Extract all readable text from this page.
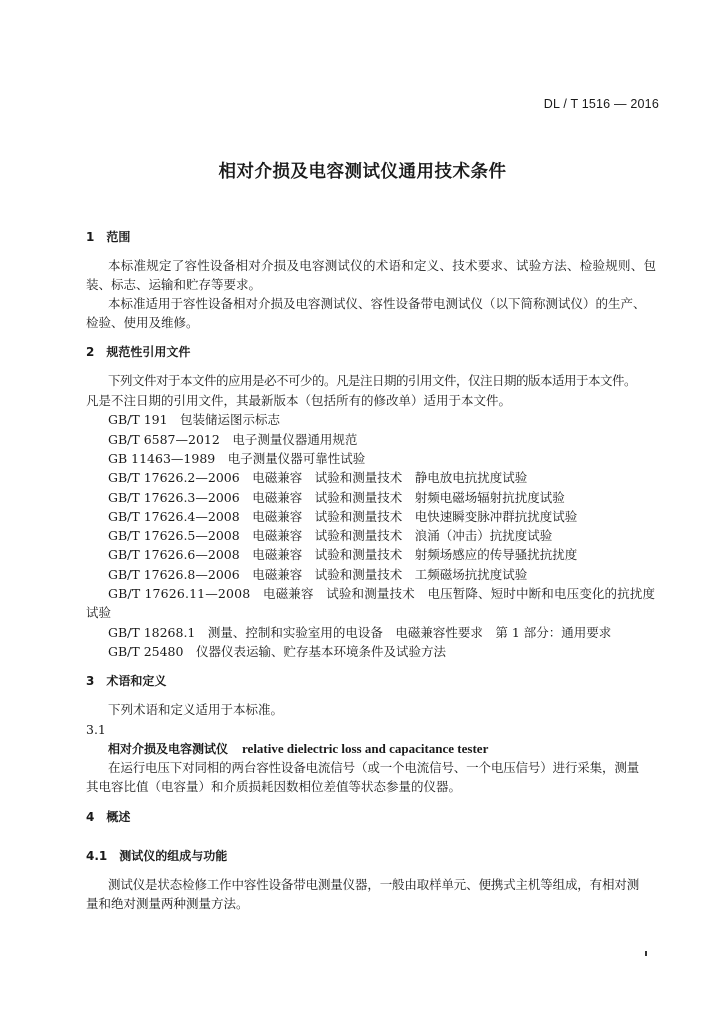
DL / T 1516 — 2016
相对介损及电容测试仪通用技术条件
1　范围
本标准规定了容性设备相对介损及电容测试仪的术语和定义、技术要求、试验方法、检验规则、包
装、标志、运输和贮存等要求。
本标准适用于容性设备相对介损及电容测试仪、容性设备带电测试仪（以下简称测试仪）的生产、
检验、使用及维修。
2　规范性引用文件
下列文件对于本文件的应用是必不可少的。凡是注日期的引用文件，仅注日期的版本适用于本文件。
凡是不注日期的引用文件，其最新版本（包括所有的修改单）适用于本文件。
GB/T 191　包装储运图示标志
GB/T 6587—2012　电子测量仪器通用规范
GB 11463—1989　电子测量仪器可靠性试验
GB/T 17626.2—2006　电磁兼容　试验和测量技术　静电放电抗扰度试验
GB/T 17626.3—2006　电磁兼容　试验和测量技术　射频电磁场辐射抗扰度试验
GB/T 17626.4—2008　电磁兼容　试验和测量技术　电快速瞬变脉冲群抗扰度试验
GB/T 17626.5—2008　电磁兼容　试验和测量技术　浪涌（冲击）抗扰度试验
GB/T 17626.6—2008　电磁兼容　试验和测量技术　射频场感应的传导骚扰抗扰度
GB/T 17626.8—2006　电磁兼容　试验和测量技术　工频磁场抗扰度试验
GB/T 17626.11—2008　电磁兼容　试验和测量技术　电压暂降、短时中断和电压变化的抗扰度
试验
GB/T 18268.1　测量、控制和实验室用的电设备　电磁兼容性要求　第 1 部分：通用要求
GB/T 25480　仪器仪表运输、贮存基本环境条件及试验方法
3　术语和定义
下列术语和定义适用于本标准。
3.1
相对介损及电容测试仪 relative dielectric loss and capacitance tester
在运行电压下对同相的两台容性设备电流信号（或一个电流信号、一个电压信号）进行采集，测量
其电容比值（电容量）和介质损耗因数相位差值等状态参量的仪器。
4　概述
4.1　测试仪的组成与功能
测试仪是状态检修工作中容性设备带电测量仪器，一般由取样单元、便携式主机等组成，有相对测
量和绝对测量两种测量方法。
